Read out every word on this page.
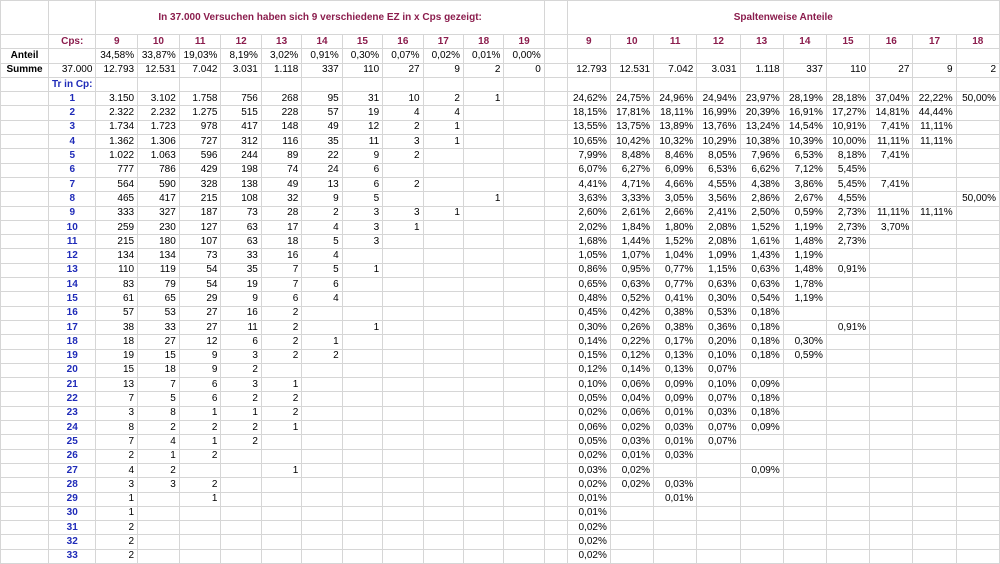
		In 37.000 Versuchen haben sich 9 verschiedene EZ in x Cps gezeigt:												Spaltenweise Anteile									
	Cps:	9	10	11	12	13	14	15	16	17	18	19		9	10	11	12	13	14	15	16	17	18
Anteil		34,58%	33,87%	19,03%	8,19%	3,02%	0,91%	0,30%	0,07%	0,02%	0,01%	0,00%											
Summe	37.000	12.793	12.531	7.042	3.031	1.118	337	110	27	9	2	0		12.793	12.531	7.042	3.031	1.118	337	110	27	9	2
	Tr in Cp:																						
	1	3.150	3.102	1.758	756	268	95	31	10	2	1			24,62%	24,75%	24,96%	24,94%	23,97%	28,19%	28,18%	37,04%	22,22%	50,00%
	2	2.322	2.232	1.275	515	228	57	19	4	4				18,15%	17,81%	18,11%	16,99%	20,39%	16,91%	17,27%	14,81%	44,44%	
	3	1.734	1.723	978	417	148	49	12	2	1				13,55%	13,75%	13,89%	13,76%	13,24%	14,54%	10,91%	7,41%	11,11%	
	4	1.362	1.306	727	312	116	35	11	3	1				10,65%	10,42%	10,32%	10,29%	10,38%	10,39%	10,00%	11,11%	11,11%	
	5	1.022	1.063	596	244	89	22	9	2					7,99%	8,48%	8,46%	8,05%	7,96%	6,53%	8,18%	7,41%		
	6	777	786	429	198	74	24	6						6,07%	6,27%	6,09%	6,53%	6,62%	7,12%	5,45%			
	7	564	590	328	138	49	13	6	2					4,41%	4,71%	4,66%	4,55%	4,38%	3,86%	5,45%	7,41%		
	8	465	417	215	108	32	9	5			1			3,63%	3,33%	3,05%	3,56%	2,86%	2,67%	4,55%			50,00%
	9	333	327	187	73	28	2	3	3	1				2,60%	2,61%	2,66%	2,41%	2,50%	0,59%	2,73%	11,11%	11,11%	
	10	259	230	127	63	17	4	3	1					2,02%	1,84%	1,80%	2,08%	1,52%	1,19%	2,73%	3,70%		
	11	215	180	107	63	18	5	3						1,68%	1,44%	1,52%	2,08%	1,61%	1,48%	2,73%			
	12	134	134	73	33	16	4							1,05%	1,07%	1,04%	1,09%	1,43%	1,19%				
	13	110	119	54	35	7	5	1						0,86%	0,95%	0,77%	1,15%	0,63%	1,48%	0,91%			
	14	83	79	54	19	7	6							0,65%	0,63%	0,77%	0,63%	0,63%	1,78%				
	15	61	65	29	9	6	4							0,48%	0,52%	0,41%	0,30%	0,54%	1,19%				
	16	57	53	27	16	2								0,45%	0,42%	0,38%	0,53%	0,18%					
	17	38	33	27	11	2		1						0,30%	0,26%	0,38%	0,36%	0,18%		0,91%			
	18	18	27	12	6	2	1							0,14%	0,22%	0,17%	0,20%	0,18%	0,30%				
	19	19	15	9	3	2	2							0,15%	0,12%	0,13%	0,10%	0,18%	0,59%				
	20	15	18	9	2									0,12%	0,14%	0,13%	0,07%						
	21	13	7	6	3	1								0,10%	0,06%	0,09%	0,10%	0,09%					
	22	7	5	6	2	2								0,05%	0,04%	0,09%	0,07%	0,18%					
	23	3	8	1	1	2								0,02%	0,06%	0,01%	0,03%	0,18%					
	24	8	2	2	2	1								0,06%	0,02%	0,03%	0,07%	0,09%					
	25	7	4	1	2									0,05%	0,03%	0,01%	0,07%						
	26	2	1	2										0,02%	0,01%	0,03%							
	27	4	2			1								0,03%	0,02%			0,09%					
	28	3	3	2										0,02%	0,02%	0,03%							
	29	1		1										0,01%		0,01%							
	30	1												0,01%									
	31	2												0,02%									
	32	2												0,02%									
	33	2												0,02%									
